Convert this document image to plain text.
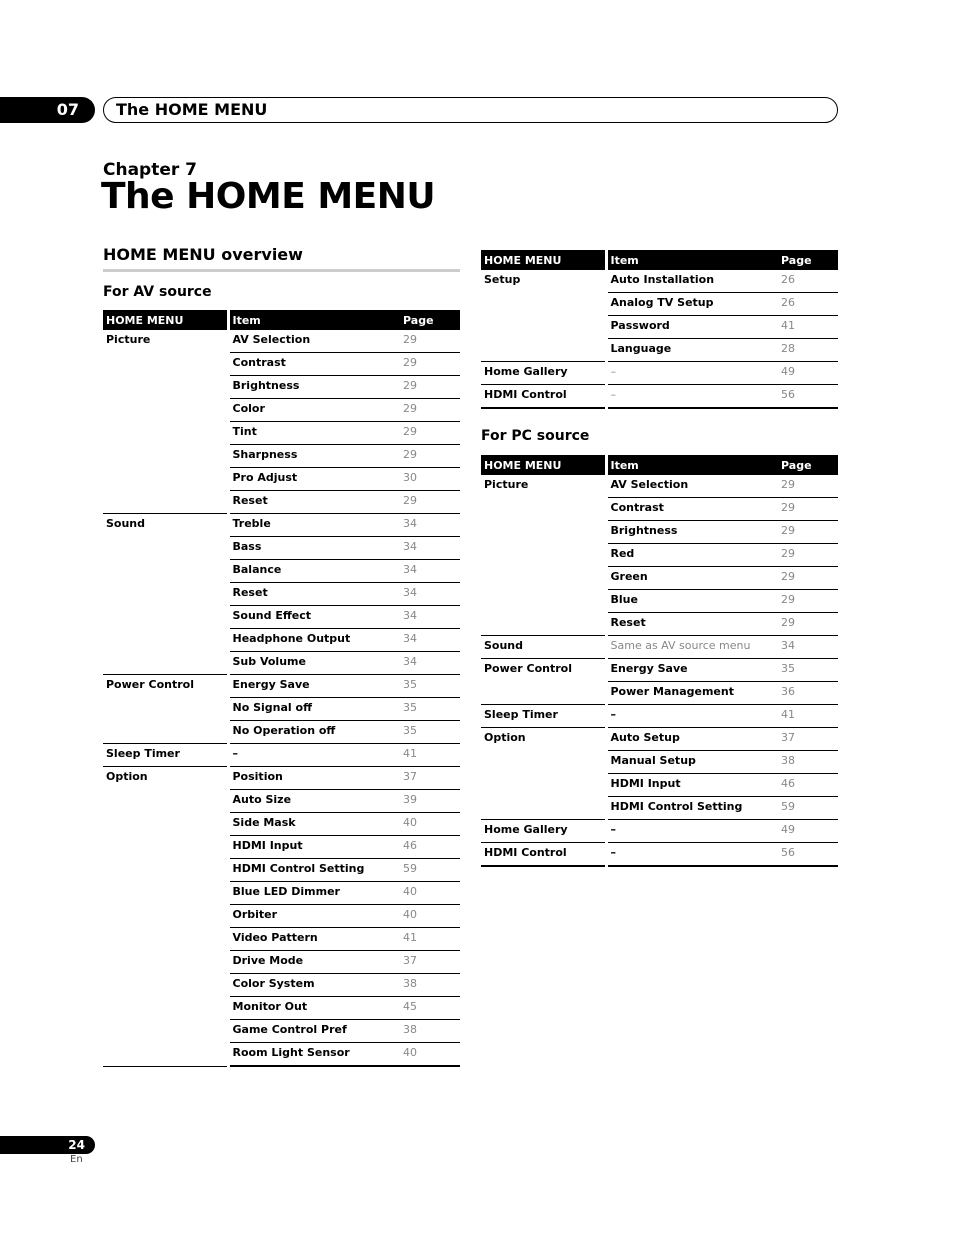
07	The HOME MENU
Chapter 7
The HOME MENU
HOME MENU overview
For AV source
HOME MENU	Item	Page
Picture	AV Selection	29
	Contrast	29
	Brightness	29
	Color	29
	Tint	29
	Sharpness	29
	Pro Adjust	30
	Reset	29
Sound	Treble	34
	Bass	34
	Balance	34
	Reset	34
	Sound Effect	34
	Headphone Output	34
	Sub Volume	34
Power Control	Energy Save	35
	No Signal off	35
	No Operation off	35
Sleep Timer	–	41
Option	Position	37
	Auto Size	39
	Side Mask	40
	HDMI Input	46
	HDMI Control Setting	59
	Blue LED Dimmer	40
	Orbiter	40
	Video Pattern	41
	Drive Mode	37
	Color System	38
	Monitor Out	45
	Game Control Pref	38
	Room Light Sensor	40
HOME MENU	Item	Page
Setup	Auto Installation	26
	Analog TV Setup	26
	Password	41
	Language	28
Home Gallery	–	49
HDMI Control	–	56
For PC source
HOME MENU	Item	Page
Picture	AV Selection	29
	Contrast	29
	Brightness	29
	Red	29
	Green	29
	Blue	29
	Reset	29
Sound	Same as AV source menu	34
Power Control	Energy Save	35
	Power Management	36
Sleep Timer	–	41
Option	Auto Setup	37
	Manual Setup	38
	HDMI Input	46
	HDMI Control Setting	59
Home Gallery	–	49
HDMI Control	–	56
24
En
